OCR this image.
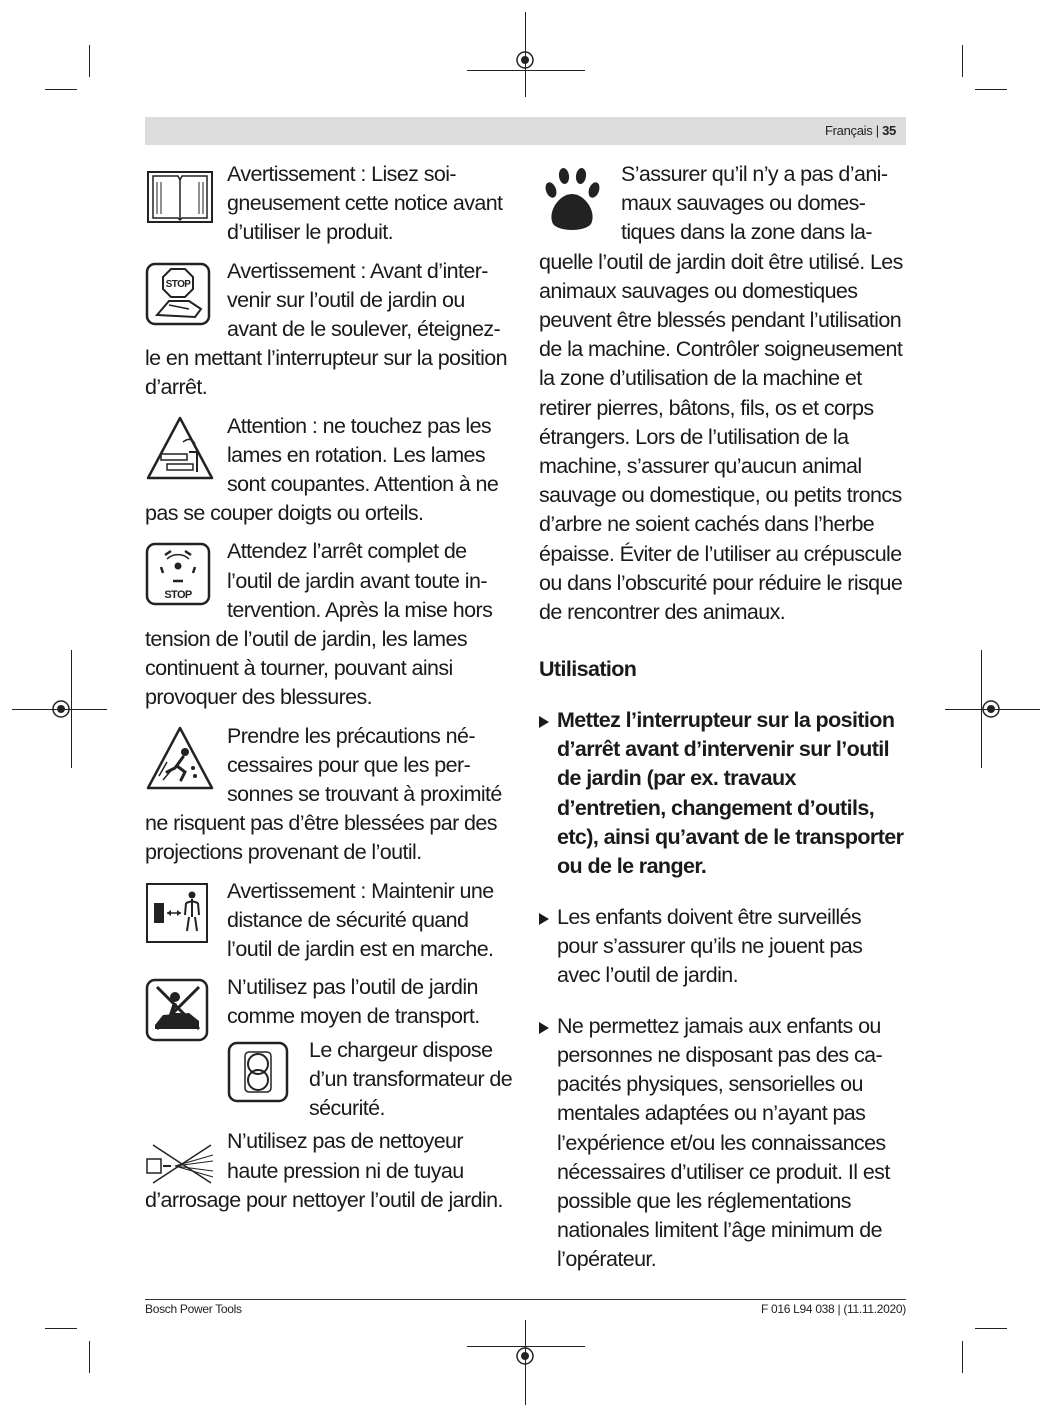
Français | 35

Avertissement : Lisez soigneusement cette notice avant d’utiliser le produit.

STOP

Avertissement : Avant d’intervenir sur l’outil de jardin ou avant de le soulever, éteignez-le en mettant l’interrupteur sur la position d’arrêt.

Attention : ne touchez pas les lames en rotation. Les lames sont coupantes. Attention à ne pas se couper doigts ou orteils.

STOP

Attendez l’arrêt complet de l’outil de jardin avant toute intervention. Après la mise hors tension de l’outil de jardin, les lames continuent à tourner, pouvant ainsi provoquer des blessures.

Prendre les précautions nécessaires pour que les personnes se trouvant à proximité ne risquent pas d’être blessées par des projections provenant de l’outil.

Avertissement : Maintenir une distance de sécurité quand l’outil de jardin est en marche.

N’utilisez pas l’outil de jardin comme moyen de transport.

Le chargeur dispose d’un transformateur de sécurité.

N’utilisez pas de nettoyeur haute pression ni de tuyau d’arrosage pour nettoyer l’outil de jardin.

S’assurer qu’il n’y a pas d’animaux sauvages ou domestiques dans la zone dans laquelle l’outil de jardin doit être utilisé. Les animaux sauvages ou domestiques peuvent être blessés pendant l’utilisation de la machine. Contrôler soigneusement la zone d’utilisation de la machine et retirer pierres, bâtons, fils, os et corps étrangers. Lors de l’utilisation de la machine, s’assurer qu’aucun animal sauvage ou domestique, ou petits troncs d’arbre ne soient cachés dans l’herbe épaisse. Éviter de l’utiliser au crépuscule ou dans l’obscurité pour réduire le risque de rencontrer des animaux.

Utilisation

Mettez l’interrupteur sur la position d’arrêt avant d’intervenir sur l’outil de jardin (par ex. travaux d’entretien, changement d’outils, etc), ainsi qu’avant de le transporter ou de le ranger.

Les enfants doivent être surveillés pour s’assurer qu’ils ne jouent pas avec l’outil de jardin.

Ne permettez jamais aux enfants ou personnes ne disposant pas des capacités physiques, sensorielles ou mentales adaptées ou n’ayant pas l’expérience et/ou les connaissances nécessaires d’utiliser ce produit. Il est possible que les réglementations nationales limitent l’âge minimum de l’opérateur.

Bosch Power Tools	F 016 L94 038 | (11.11.2020)
